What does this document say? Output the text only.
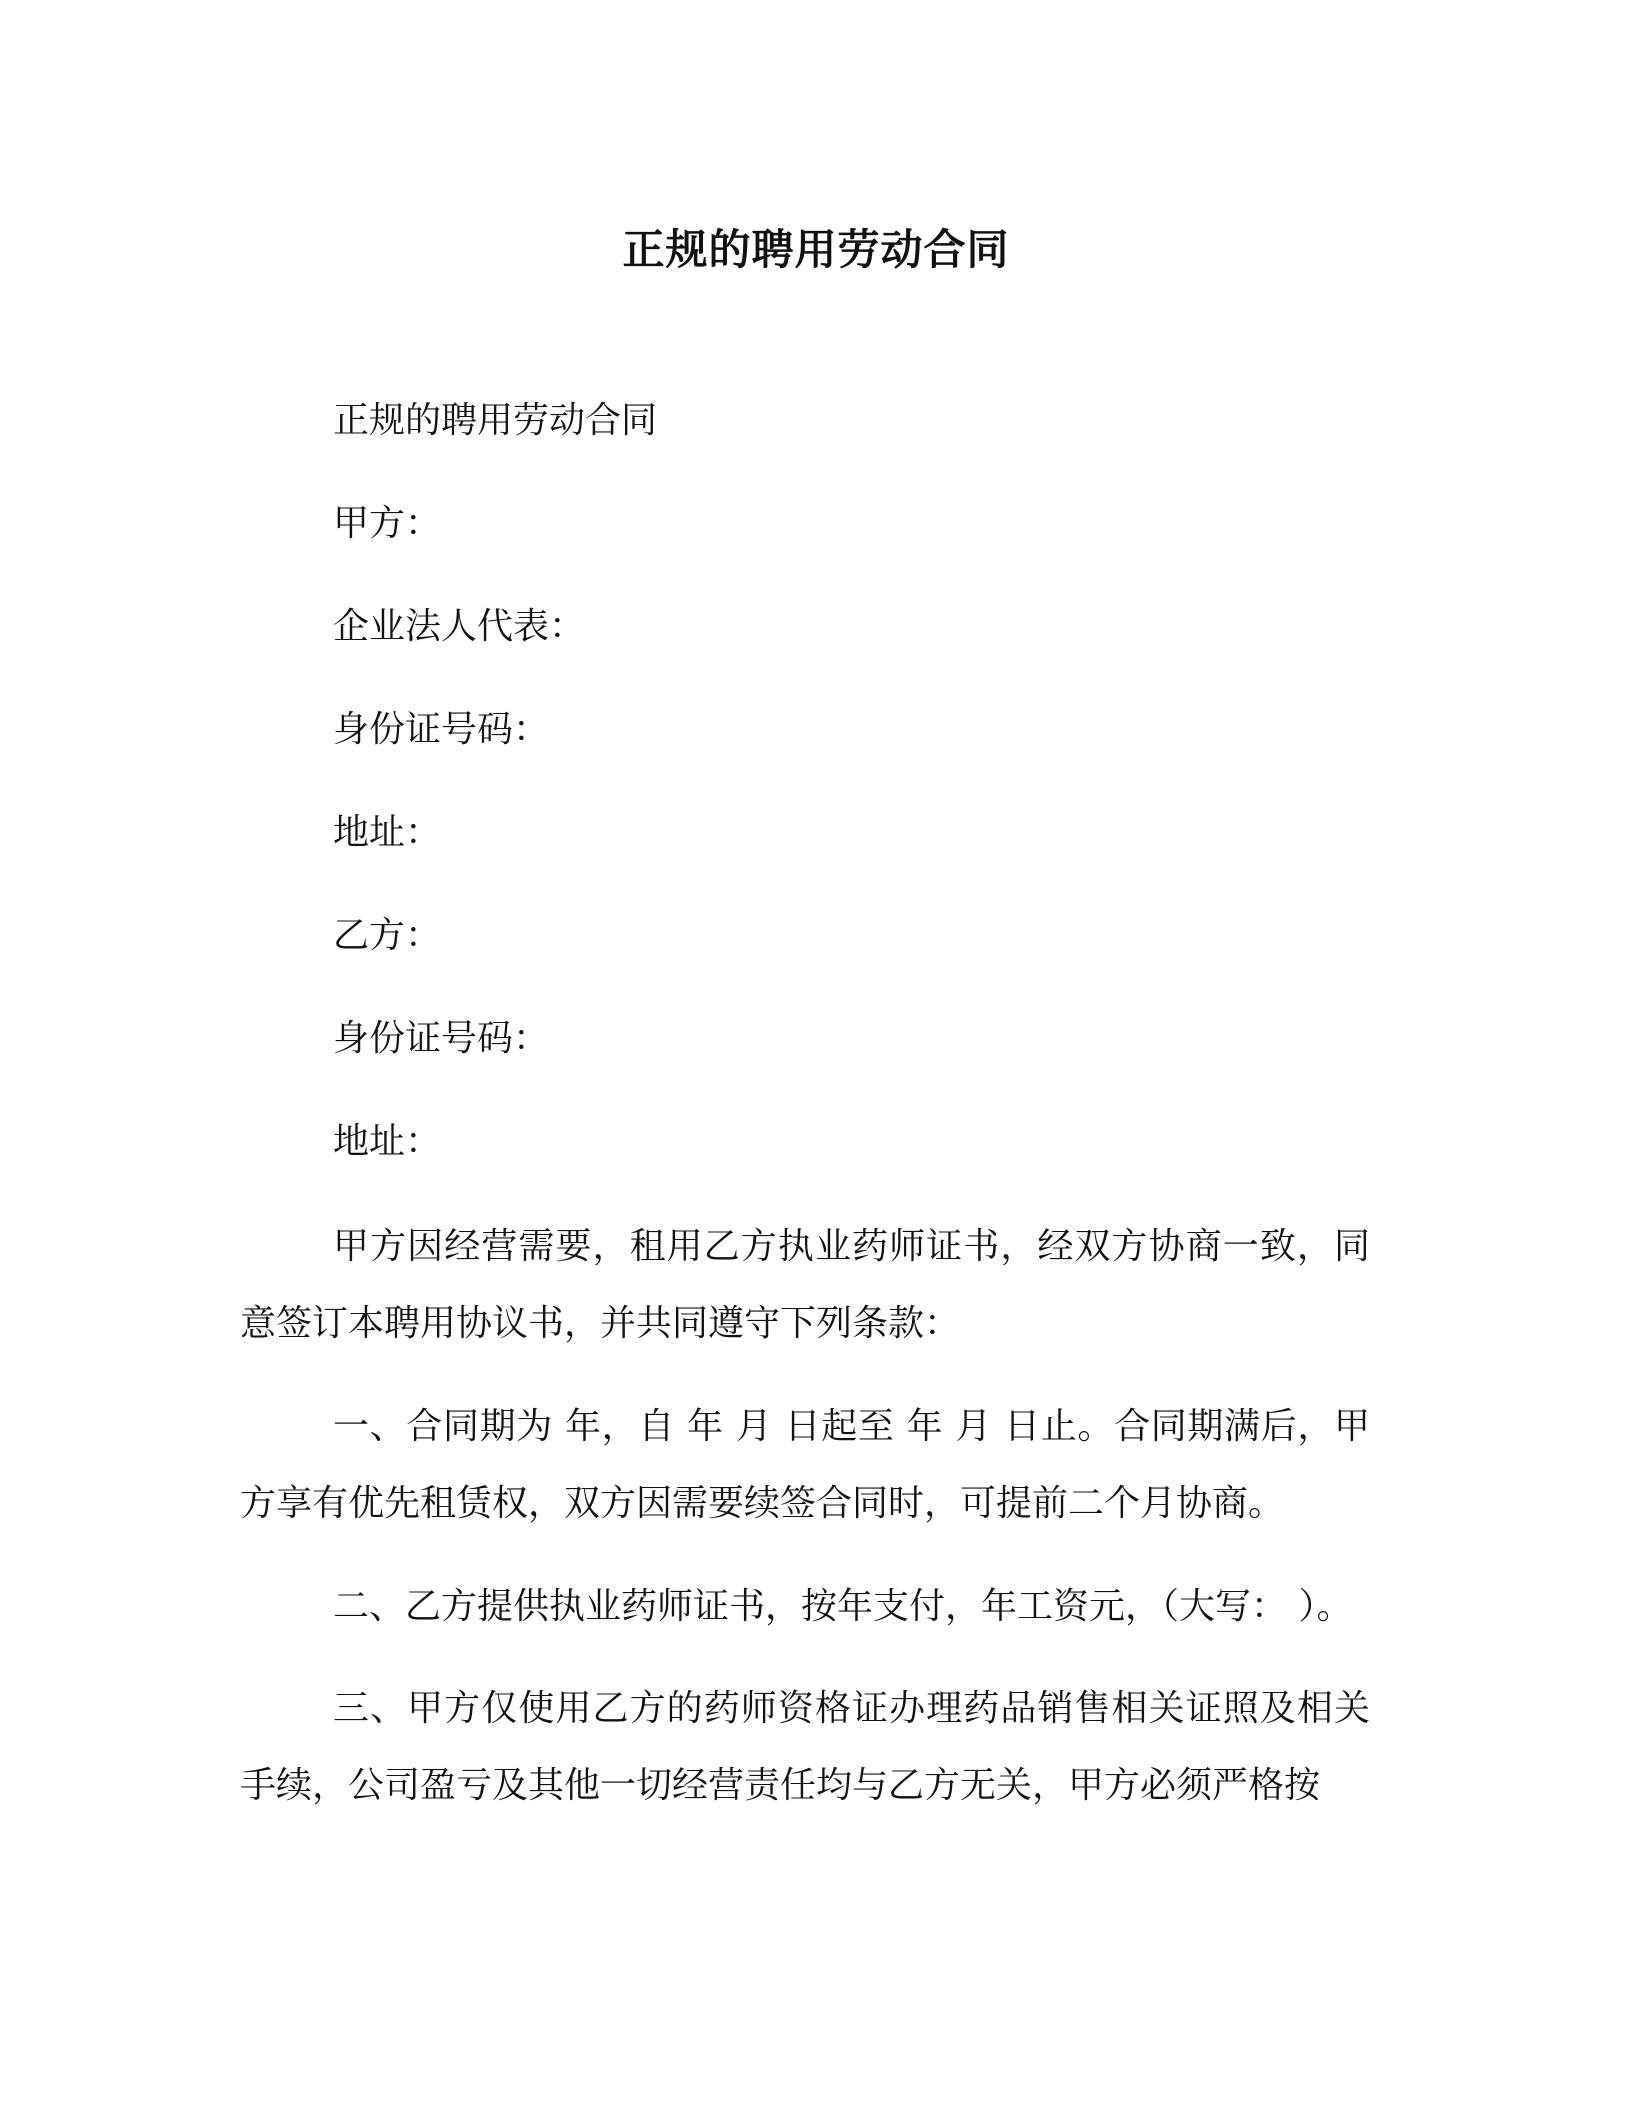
正规的聘用劳动合同

正规的聘用劳动合同

甲方：

企业法人代表：

身份证号码：

地址：

乙方：

身份证号码：

地址：

甲方因经营需要，租用乙方执业药师证书，经双方协商一致，同意签订本聘用协议书，并共同遵守下列条款：

一、合同期为 年，自 年 月 日起至 年 月 日止。合同期满后，甲方享有优先租赁权，双方因需要续签合同时，可提前二个月协商。

二、乙方提供执业药师证书，按年支付，年工资元，（大写： ）。

三、甲方仅使用乙方的药师资格证办理药品销售相关证照及相关手续，公司盈亏及其他一切经营责任均与乙方无关，甲方必须严格按
